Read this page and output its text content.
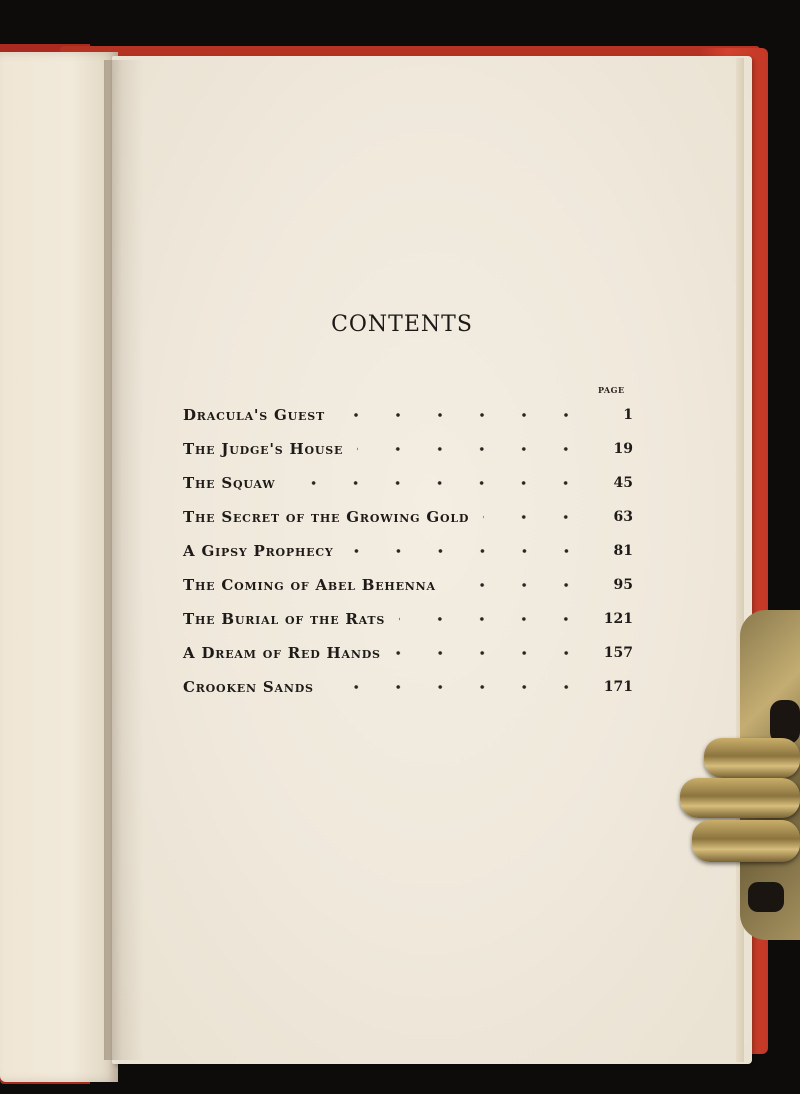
CONTENTS
PAGE
Dracula's Guest	1
The Judge's House	19
The Squaw	45
The Secret of the Growing Gold	63
A Gipsy Prophecy	81
The Coming of Abel Behenna	95
The Burial of the Rats	121
A Dream of Red Hands	157
Crooken Sands	171
